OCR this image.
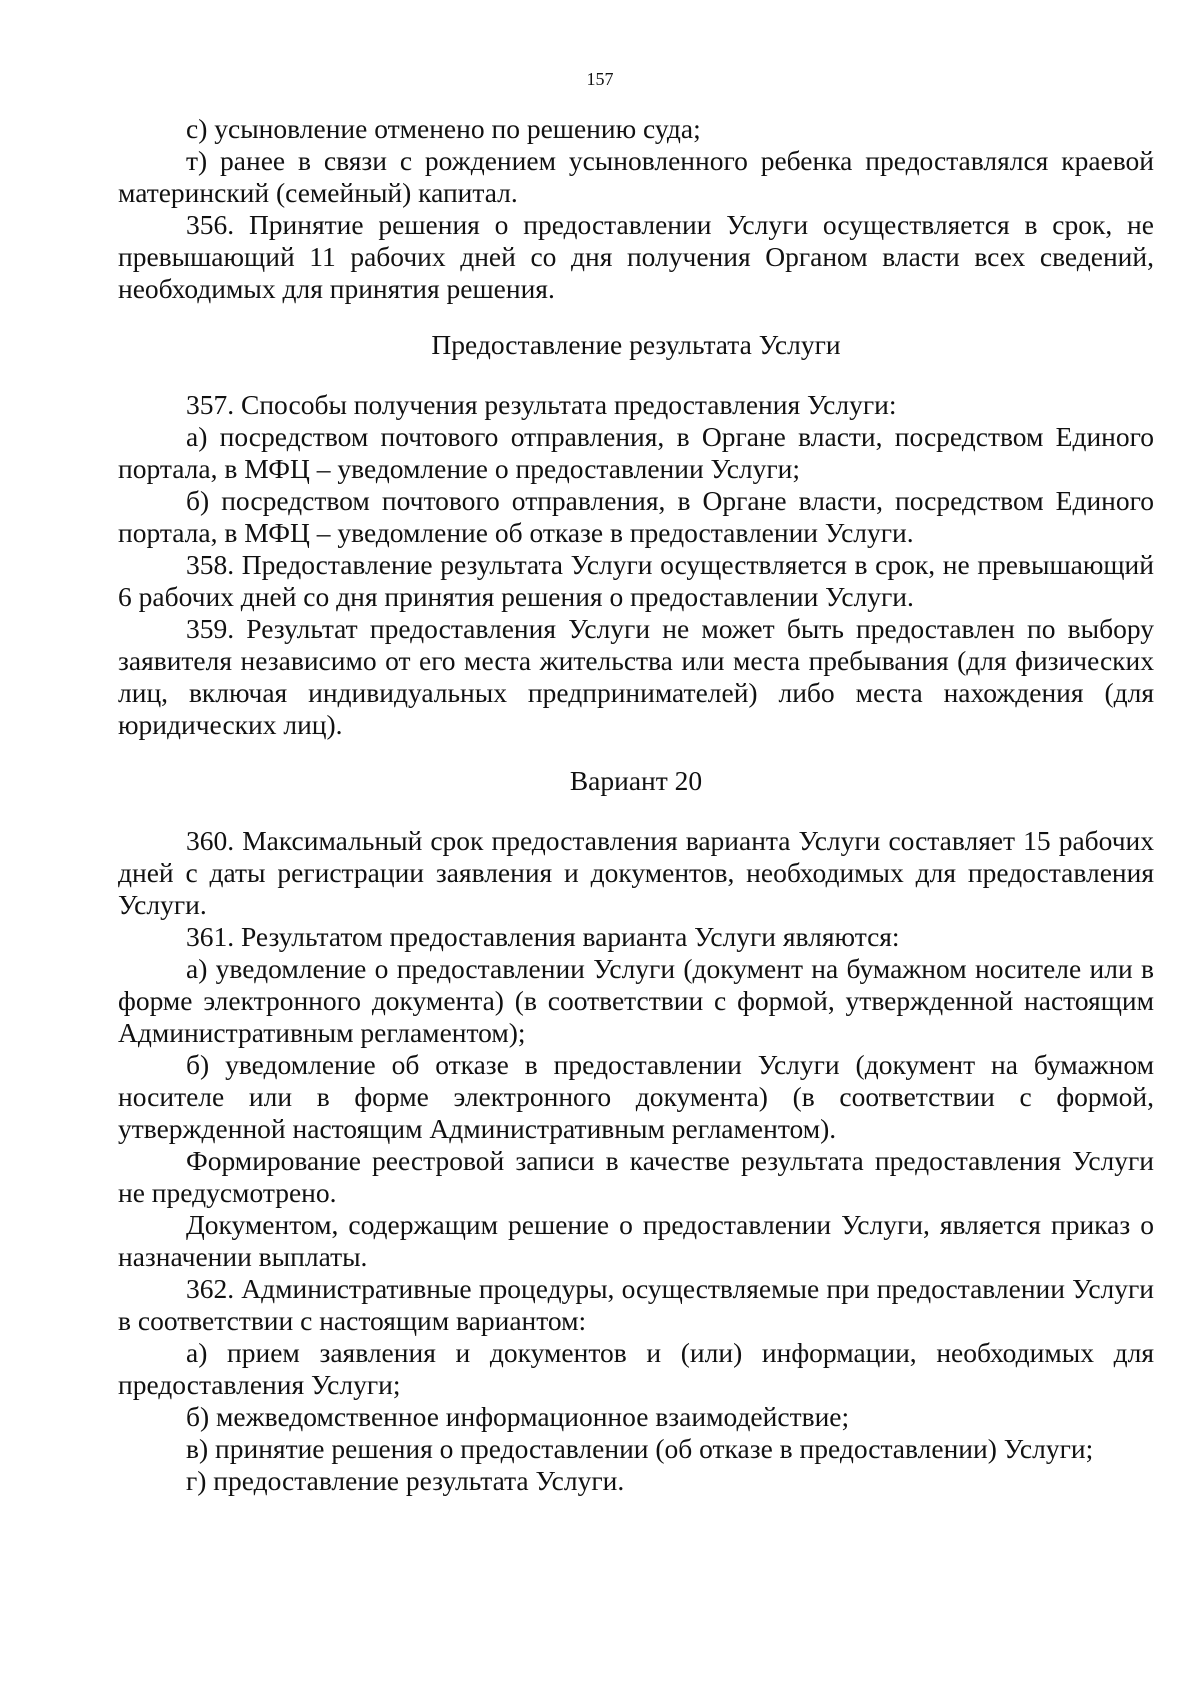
157

с) усыновление отменено по решению суда;

т) ранее в связи с рождением усыновленного ребенка предоставлялся краевой материнский (семейный) капитал.

356. Принятие решения о предоставлении Услуги осуществляется в срок, не превышающий 11 рабочих дней со дня получения Органом власти всех сведений, необходимых для принятия решения.

Предоставление результата Услуги

357. Способы получения результата предоставления Услуги:

а) посредством почтового отправления, в Органе власти, посредством Единого портала, в МФЦ – уведомление о предоставлении Услуги;

б) посредством почтового отправления, в Органе власти, посредством Единого портала, в МФЦ – уведомление об отказе в предоставлении Услуги.

358. Предоставление результата Услуги осуществляется в срок, не превышающий 6 рабочих дней со дня принятия решения о предоставлении Услуги.

359. Результат предоставления Услуги не может быть предоставлен по выбору заявителя независимо от его места жительства или места пребывания (для физических лиц, включая индивидуальных предпринимателей) либо места нахождения (для юридических лиц).

Вариант 20

360. Максимальный срок предоставления варианта Услуги составляет 15 рабочих дней с даты регистрации заявления и документов, необходимых для предоставления Услуги.

361. Результатом предоставления варианта Услуги являются:

а) уведомление о предоставлении Услуги (документ на бумажном носителе или в форме электронного документа) (в соответствии с формой, утвержденной настоящим Административным регламентом);

б) уведомление об отказе в предоставлении Услуги (документ на бумажном носителе или в форме электронного документа) (в соответствии с формой, утвержденной настоящим Административным регламентом).

Формирование реестровой записи в качестве результата предоставления Услуги не предусмотрено.

Документом, содержащим решение о предоставлении Услуги, является приказ о назначении выплаты.

362. Административные процедуры, осуществляемые при предоставлении Услуги в соответствии с настоящим вариантом:

а) прием заявления и документов и (или) информации, необходимых для предоставления Услуги;

б) межведомственное информационное взаимодействие;

в) принятие решения о предоставлении (об отказе в предоставлении) Услуги;

г) предоставление результата Услуги.
